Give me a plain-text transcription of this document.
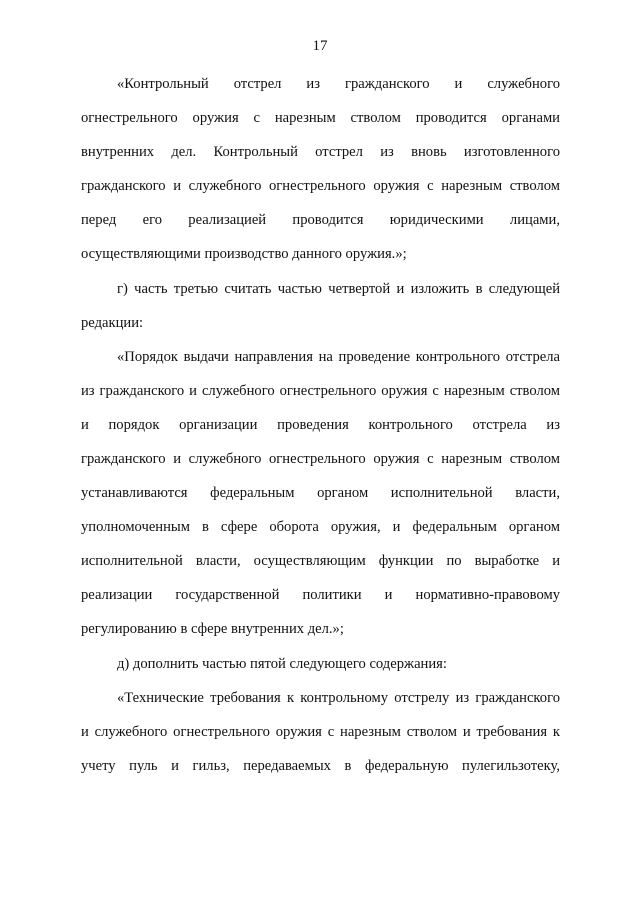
17
«Контрольный отстрел из гражданского и служебного
огнестрельного оружия с нарезным стволом проводится органами
внутренних дел. Контрольный отстрел из вновь изготовленного
гражданского и служебного огнестрельного оружия с нарезным стволом
перед его реализацией проводится юридическими лицами,
осуществляющими производство данного оружия.»;
г) часть третью считать частью четвертой и изложить в следующей
редакции:
«Порядок выдачи направления на проведение контрольного отстрела
из гражданского и служебного огнестрельного оружия с нарезным стволом
и порядок организации проведения контрольного отстрела из
гражданского и служебного огнестрельного оружия с нарезным стволом
устанавливаются федеральным органом исполнительной власти,
уполномоченным в сфере оборота оружия, и федеральным органом
исполнительной власти, осуществляющим функции по выработке и
реализации государственной политики и нормативно-правовому
регулированию в сфере внутренних дел.»;
д) дополнить частью пятой следующего содержания:
«Технические требования к контрольному отстрелу из гражданского
и служебного огнестрельного оружия с нарезным стволом и требования к
учету пуль и гильз, передаваемых в федеральную пулегильзотеку,
